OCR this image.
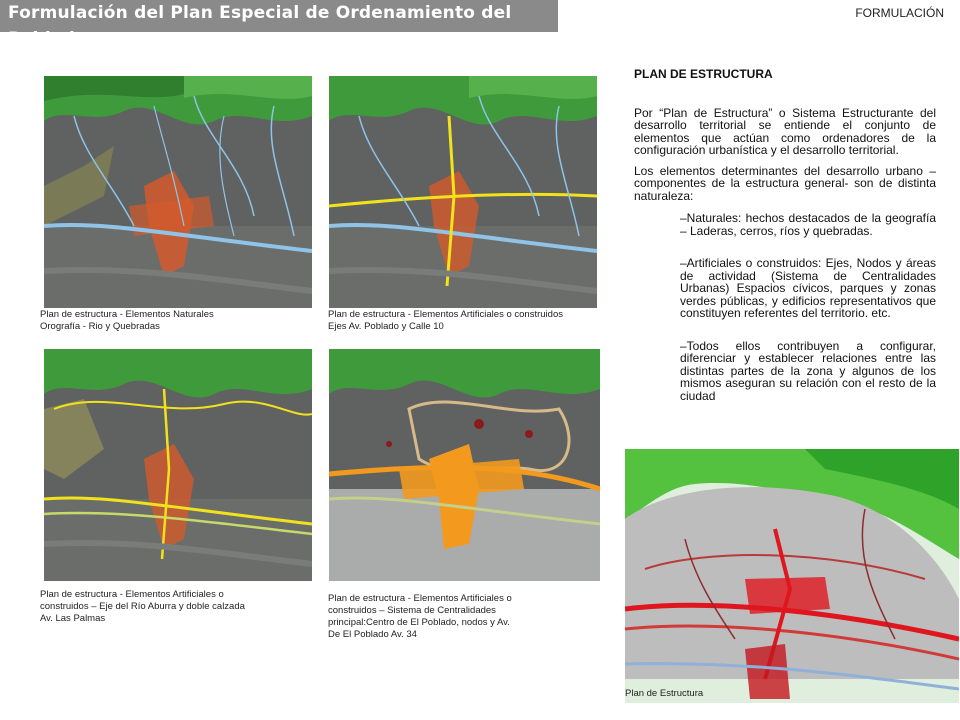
Formulación del Plan Especial de Ordenamiento del Poblado
FORMULACIÓN
Plan de estructura - Elementos Naturales
Orografía - Rio y Quebradas
Plan de estructura - Elementos Artificiales o construidos
Ejes Av. Poblado y Calle 10
Plan de estructura - Elementos Artificiales o
construidos – Eje del Río Aburra y doble calzada
Av. Las Palmas
Plan de estructura - Elementos Artificiales o
construidos – Sistema de Centralidades
principal:Centro de El Poblado, nodos y Av.
De El Poblado Av. 34
Plan de Estructura
PLAN DE ESTRUCTURA

Por “Plan de Estructura” o Sistema Estructurante del desarrollo territorial se entiende el conjunto de elementos que actúan como ordenadores de la configuración urbanística y el desarrollo territorial.

Los elementos determinantes del desarrollo urbano –componentes de la estructura general- son de distinta naturaleza:

–Naturales: hechos destacados de la geografía – Laderas, cerros, ríos y quebradas.
–Artificiales o construidos: Ejes, Nodos y áreas de actividad (Sistema de Centralidades Urbanas) Espacios cívicos, parques y zonas verdes públicas, y edificios representativos que constituyen referentes del territorio. etc.
–Todos ellos contribuyen a configurar, diferenciar y establecer relaciones entre las distintas partes de la zona y algunos de los mismos aseguran su relación con el resto de la ciudad
